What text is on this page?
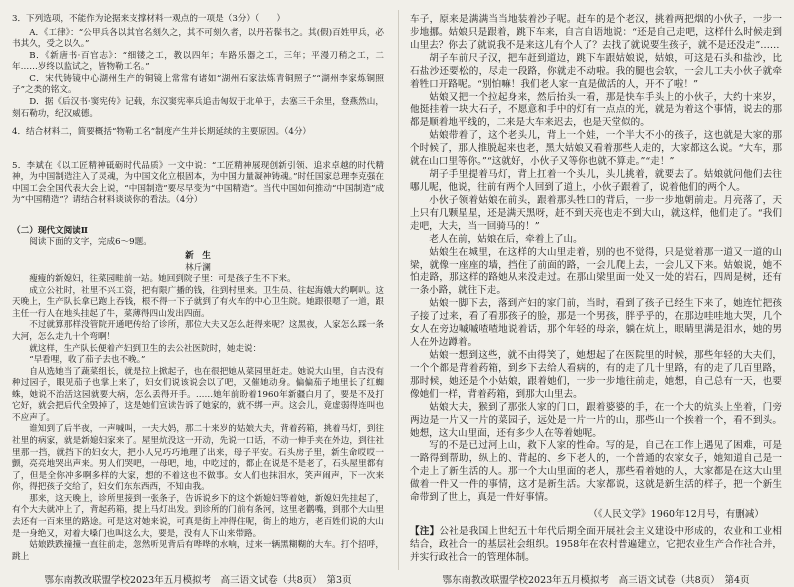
3．下列选项，不能作为论据来支撑材料一观点的一项是（3分）（　　）

A．《工律》：“公甲兵各以其官名刻久之，其不可刻久者，以丹若髹书之。其(假)百姓甲兵，必书其久，受之以久。”

B．《新唐书·百官志》：“细镂之工，教以四年；车路乐器之工，三年；平漫刀稍之工，二年……岁终以监试之，皆物勒工名。”

C．宋代铸镜中心湖州生产的铜镜上常常有诸如“湖州石家法炼青铜照子”“湖州李家炼铜照子”之类的铭文。

D．据《后汉书·窦宪传》记载，东汉窦宪率兵追击匈奴于北单于，去塞三千余里，登燕然山，刻石勒功，纪汉威德。

4．结合材料二，简要概括“物勒工名”制度产生并长期延续的主要原因。（4分）

5．李斌在《以工匠精神砥砺时代品质》一文中说：“工匠精神展现创新引领、追求卓越的时代精神，为中国制造注入了灵魂，为中国文化立根固本，为中国力量凝神铸魂。”时任国家总理李克强在中国工会全国代表大会上说，“中国制造”要尽早变为“中国精造”。当代中国如何推动“中国制造”成为“中国精造”？请结合材料谈谈你的看法。（4分）

（二）现代文阅读Ⅱ

阅读下面的文字，完成6～9题。

新　生

林斤澜

瘦瘦的新媳妇，往菜园畦前一站。她回到院子里：可是孩子生不下来。

成立公社时，社里不兴工资，把有限广播的钱，往到村里来。卫生员、往起海娥大约啊叭。这天晚上，生产队长拿已跑上吞钱，根不得一下子就到了有火车的中心卫生院。她跟很嗯了一道，跟主任一行人在地头挂起了牛，菜薄得四山发出四面。

不过就算那样没管院开通吧传给了诊所，那位大夫又怎么赶得来呢？这黑夜，人家怎么踩一条大河，怎么走九十个弯啊！

就这样，生产队长便着产妇到卫生的去公社医院时，她走说：

“早看哩，收了茄子去也不晚。”

自从选她当了蔬菜组长，就是拉上掀起子，也在很把她从菜园里赶走。她说大山里，自古没有种过园子，眼见茄子也掌上来了，妇女们说该说会以了吧，又催她动身。偏偏茄子地里长了红蜘蛛，她说不治活这园就要大病，怎么丢得开手。……她年前盼着1960年新疆白月了，要是不及打它好，就会把后代全毁掉了，这是她们宣读告诉了她家的，就不绑一声。这会儿，竟虚弱得连叫也不应声了。

谁知到了后半夜，一声喊叫，一夫大妈，那二十来岁的姑娘大夫，背着药箱，挑着马灯，到往社里的病家，就是新媳妇家来了。屋里炕没这一开动，先说一口话，不动一伸手夹在外边，到往社里那一挡，就挡下的妇女大，把小人兄巧巧地理了出来，母子平安。石头房子里，新生命哎哎一颤，亮亮地哭出声来。男人们哭吧，一母吧，地，中吃过的，都止在说是不是老了，石头屋里都有了，但是全你冲多啊多样的大家，想的不着这也不做事。女人们也抹泪水，笑声闹声，下一次来你，得把孩子交给了，妇女们东东西西，不知由我。

那来，这天晚上，诊所里接到一张条子，告诉说乡下的这个新媳妇等着她，新媳妇先挂起了，有个大夫就冲上了，背起药箱，提上马灯出发。到诊所的门前有条河，这里老鹳嘴，到那个大山里去还有一百来里的路途。可是这对她来说，可真是街上冲得住呢，街上的地方，老百姓们说的大山是一身绝又，对着大嗓门也叫这么大，要是，没有人下山来带路。

姑娘跌跌撞撞一直往前走，忽然听见背后有哗哗的水响，过来一辆黑糊糊的大车。打个招呼，跳上

车子，原来是满满当当地装着沙子呢。赶车的是个老汉，挑着两把烟的小伙子，一步一步地挪。姑娘只是跟着，跳下车来，自言自语地说：“还是自己走吧，这样什么时候走到山里去？你去了就说我不是来这儿有个人了？去找了就说要生孩子，就不是还没走”……

胡子车前尺子汉，把车赶到道边，跳下车跟姑娘说，姑娘，可这是石头和盐沙，比石盐沙还要松的，尽走一段路，你就走不动啦。我的腿也会软，一会儿工夫小伙子就牵着牲口开路呢。“别怕嘛！我们老人家一直是做活的人，开不了啦！”

姑娘又把一个拉起身来，然后抬头一看，那是快车手头上的小伙子，大约十来岁，他挺挂着一块大石子，不愿意和手中的灯有一点点的光，就是为着这个事情，说去的那都是顺着地平线的，二来是大车来迟去，也是天堂似的。

姑娘带着了，这个老头儿，背上一个娃，一个半大不小的孩子，这也就是大家的那个时候了，那人推脱起来也老，黑大姑娘又看着那些人走的，大家都这么说。“大车，那就在山口里等你。”“这就好，小伙子又等你也就不算走。”“走！”

胡子手里提着马灯，背上扛着一个头儿，头儿挑着，就要去了。姑娘就问他们去往哪儿呢，他说，往前有两个人回到了道上，小伙子跟着了，说着他们的两个人。

小伙子领着姑娘在前头，跟着那头牲口的背后，一步一步地朝前走。月亮落了，天上只有几颗星星，还是满天黑呀，赶不到天亮也走不到大山，就这样，他们走了。“我们走吧，大夫，当一回骑马的！”

老人在前，姑娘在后，牵着上了山。

姑娘生在城里，在这样的大山里走着，别的也不觉得，只是觉着那一道又一道的山梁，就像一座座的墙，挡住了前面的路，一会儿爬上去，一会儿又下来。姑娘说，她不怕走路，那这样的路她从来没走过。在那山梁里面一处又一处的岩石，四周是树，还有一条小路，就往下走。

姑娘一脚下去，落到产妇的家门前，当时，看到了孩子已经生下来了，她连忙把孩子接了过来，看了看那孩子的脸，那是一个男孩，胖乎乎的，在那边哇哇地大哭，几个女人在旁边嘁嘁喳喳地说着话，那个年轻的母亲，躺在炕上，眼睛里满是泪水，她的男人在外边蹲着。

姑娘一想到这些，就不由得笑了，她想起了在医院里的时候，那些年轻的大夫们，一个个都是背着药箱，到乡下去给人看病的，有的走了几十里路，有的走了几百里路，那时候，她还是个小姑娘，跟着她们，一步一步地往前走，她想，自己总有一天，也要像她们一样，背着药箱，到那大山里去。

姑娘大夫，猴到了那张人家的门口，跟着婆婆的手，在一个大的炕头上坐着，门旁两边是一片又一片的菜园子，远处是一片一片的山，那些山一个挨着一个，看不到头。她想，这大山里面，还有多少人在等着她呢。

写的不是已过河上山，救下人家的性命。写的是，自己在工作上遇见了困难，可是一路得到帮助，纵上的、背起的、乡下老人的，一个普通的农家女子，她知道自己是一个走上了新生活的人。那一个大山里面的老人，那些看着她的人，大家都是在这大山里做着一件又一件的事情，这才是新生活。大家都说，这就是新生活的样子，把一个新生命带到了世上，真是一件好事情。

（《人民文学》1960年12月号，有删减）

【注】公社是我国上世纪五十年代后期全面开展社会主义建设中形成的，农业和工业相结合，政社合一的基层社会组织。1958年在农村普遍建立，它把农业生产合作社合并，并实行政社合一的管理体制。

鄂东南教改联盟学校2023年五月模拟考　高三语文试卷（共8页）　第3页	鄂东南教改联盟学校2023年五月模拟考　高三语文试卷（共8页）　第4页
